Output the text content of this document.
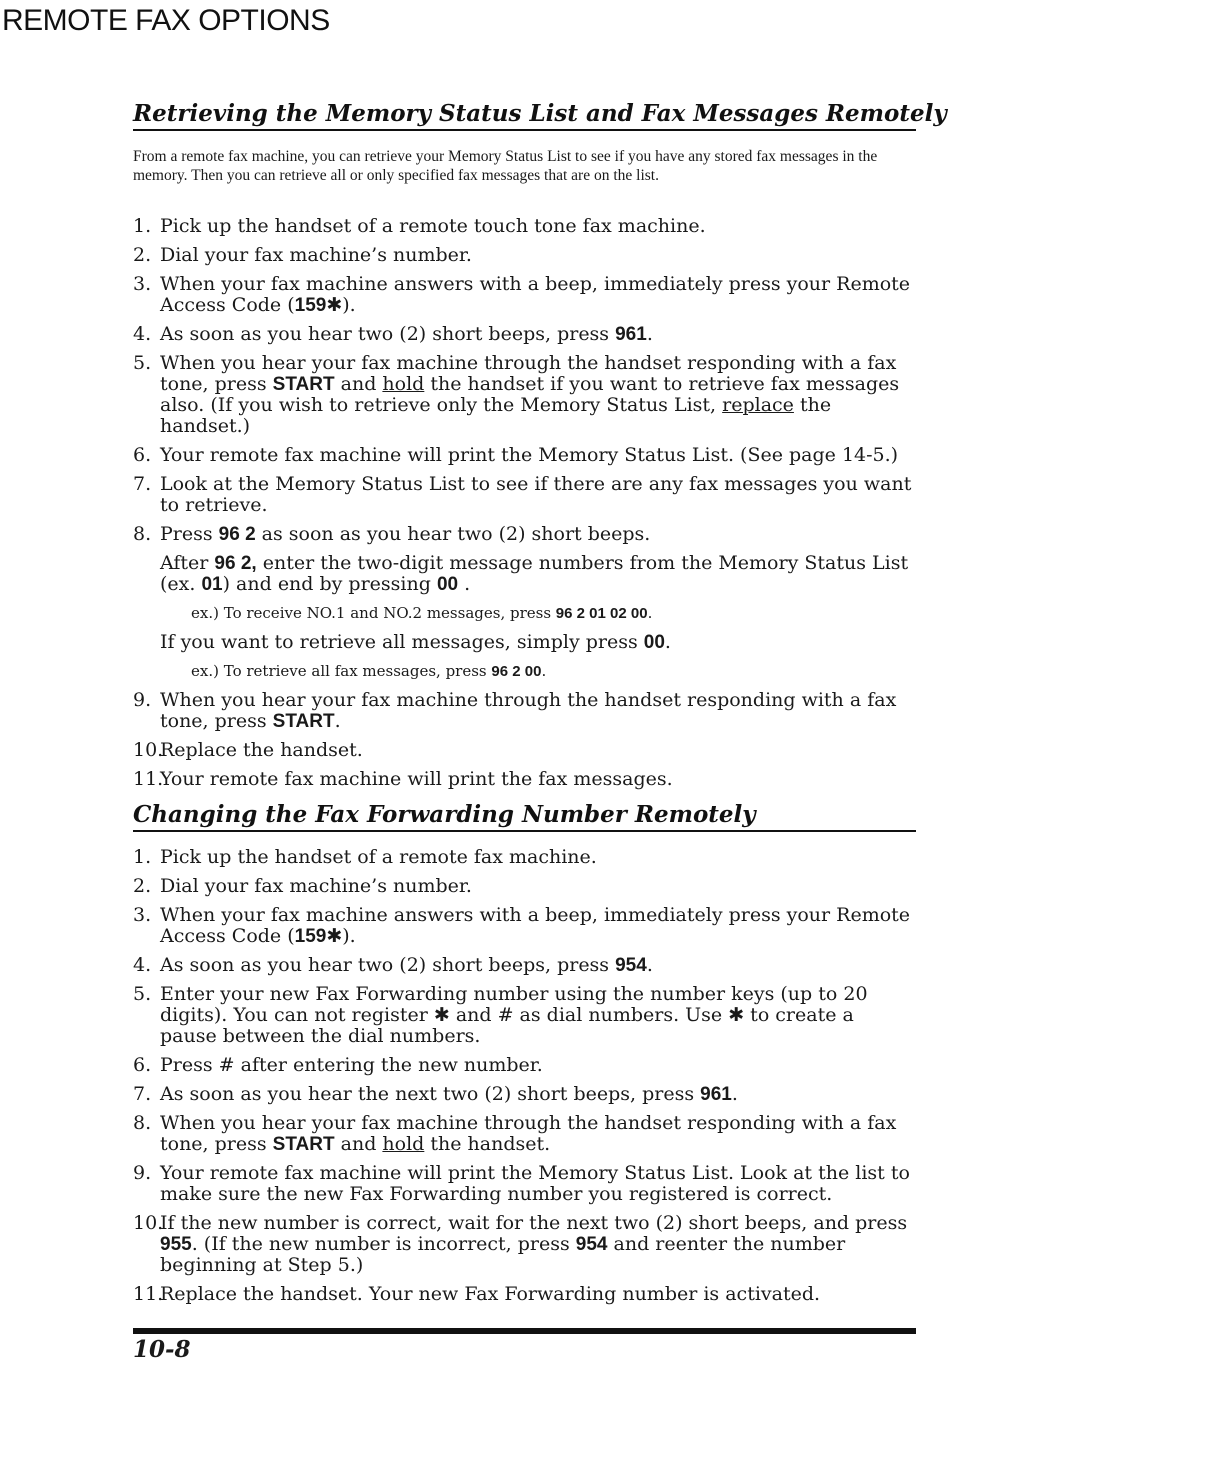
REMOTE FAX OPTIONS
Retrieving the Memory Status List and Fax Messages Remotely
From a remote fax machine, you can retrieve your Memory Status List to see if you have any stored fax messages in the memory. Then you can retrieve all or only specified fax messages that are on the list.
1. Pick up the handset of a remote touch tone fax machine.
2. Dial your fax machine’s number.
3. When your fax machine answers with a beep, immediately press your Remote Access Code (159✱).
4. As soon as you hear two (2) short beeps, press 961.
5. When you hear your fax machine through the handset responding with a fax tone, press START and hold the handset if you want to retrieve fax messages also. (If you wish to retrieve only the Memory Status List, replace the handset.)
6. Your remote fax machine will print the Memory Status List. (See page 14-5.)
7. Look at the Memory Status List to see if there are any fax messages you want to retrieve.
8. Press 96 2 as soon as you hear two (2) short beeps.
After 96 2, enter the two-digit message numbers from the Memory Status List (ex. 01) and end by pressing 00 .
ex.) To receive NO.1 and NO.2 messages, press 96 2 01 02 00.
If you want to retrieve all messages, simply press 00.
ex.) To retrieve all fax messages, press 96 2 00.
9. When you hear your fax machine through the handset responding with a fax tone, press START.
10.
Replace the handset.
11.
Your remote fax machine will print the fax messages.
Changing the Fax Forwarding Number Remotely
1. Pick up the handset of a remote fax machine.
2. Dial your fax machine’s number.
3. When your fax machine answers with a beep, immediately press your Remote Access Code (159✱).
4. As soon as you hear two (2) short beeps, press 954.
5. Enter your new Fax Forwarding number using the number keys (up to 20 digits). You can not register ✱ and # as dial numbers. Use ✱ to create a pause between the dial numbers.
6. Press # after entering the new number.
7. As soon as you hear the next two (2) short beeps, press 961.
8. When you hear your fax machine through the handset responding with a fax tone, press START and hold the handset.
9. Your remote fax machine will print the Memory Status List. Look at the list to make sure the new Fax Forwarding number you registered is correct.
10.
If the new number is correct, wait for the next two (2) short beeps, and press 955. (If the new number is incorrect, press 954 and reenter the number beginning at Step 5.)
11.
Replace the handset. Your new Fax Forwarding number is activated.
10-8
